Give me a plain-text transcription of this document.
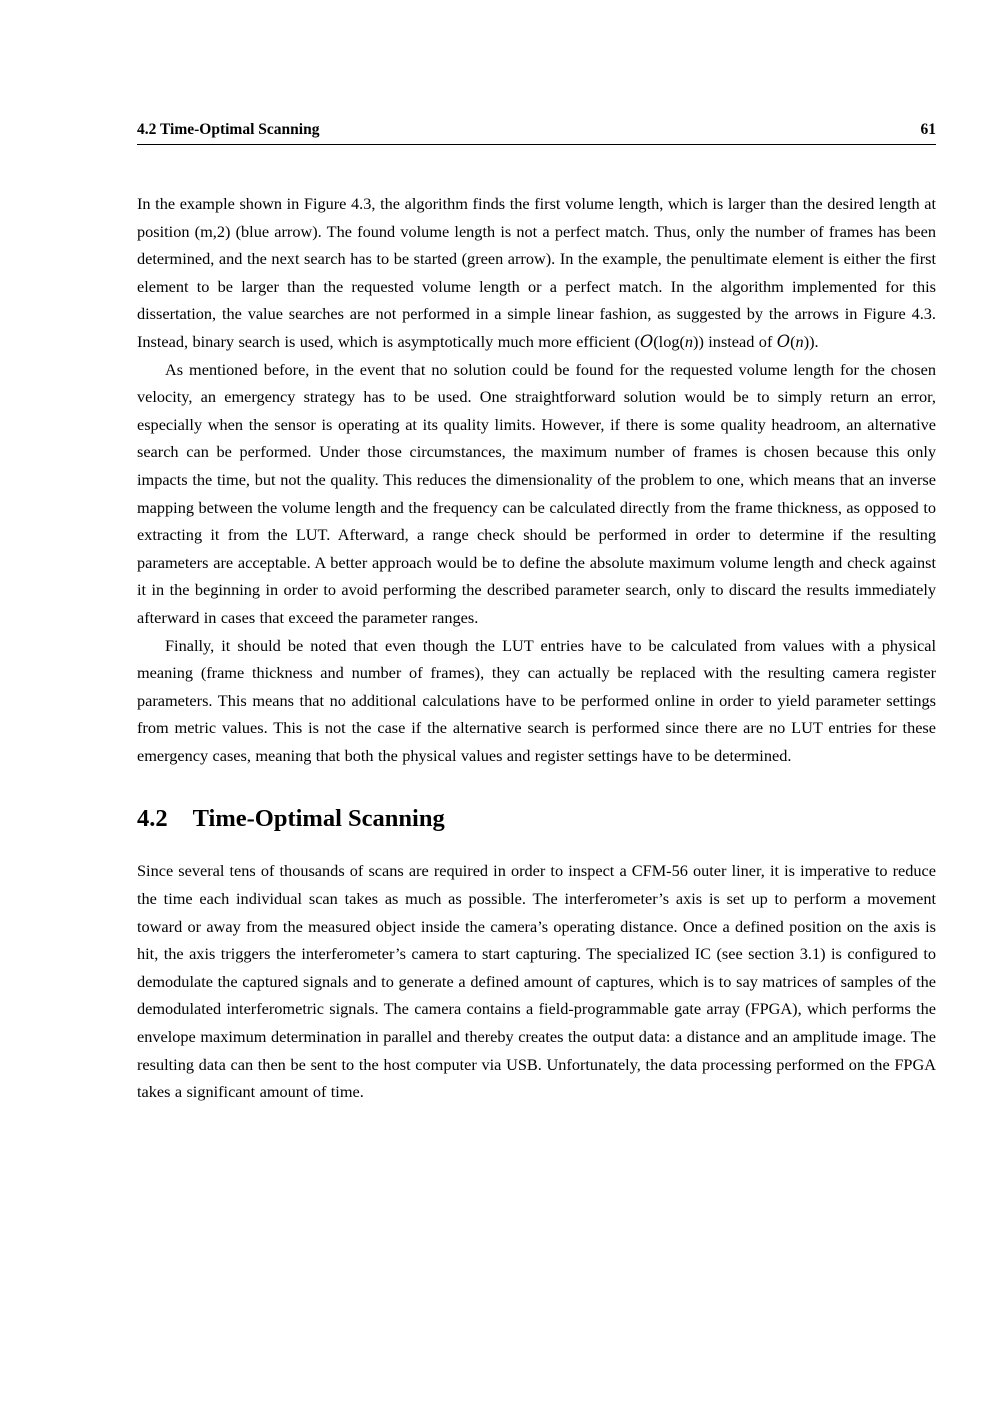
4.2 Time-Optimal Scanning	61

In the example shown in Figure 4.3, the algorithm finds the first volume length, which is larger than the desired length at position (m,2) (blue arrow). The found volume length is not a perfect match. Thus, only the number of frames has been determined, and the next search has to be started (green arrow). In the example, the penultimate element is either the first element to be larger than the requested volume length or a perfect match. In the algorithm implemented for this dissertation, the value searches are not performed in a simple linear fashion, as suggested by the arrows in Figure 4.3. Instead, binary search is used, which is asymptotically much more efficient (O(log(n)) instead of O(n)).

As mentioned before, in the event that no solution could be found for the requested volume length for the chosen velocity, an emergency strategy has to be used. One straightforward solution would be to simply return an error, especially when the sensor is operating at its quality limits. However, if there is some quality headroom, an alternative search can be performed. Under those circumstances, the maximum number of frames is chosen because this only impacts the time, but not the quality. This reduces the dimensionality of the problem to one, which means that an inverse mapping between the volume length and the frequency can be calculated directly from the frame thickness, as opposed to extracting it from the LUT. Afterward, a range check should be performed in order to determine if the resulting parameters are acceptable. A better approach would be to define the absolute maximum volume length and check against it in the beginning in order to avoid performing the described parameter search, only to discard the results immediately afterward in cases that exceed the parameter ranges.

Finally, it should be noted that even though the LUT entries have to be calculated from values with a physical meaning (frame thickness and number of frames), they can actually be replaced with the resulting camera register parameters. This means that no additional calculations have to be performed online in order to yield parameter settings from metric values. This is not the case if the alternative search is performed since there are no LUT entries for these emergency cases, meaning that both the physical values and register settings have to be determined.

4.2 Time-Optimal Scanning

Since several tens of thousands of scans are required in order to inspect a CFM-56 outer liner, it is imperative to reduce the time each individual scan takes as much as possible. The interferometer’s axis is set up to perform a movement toward or away from the measured object inside the camera’s operating distance. Once a defined position on the axis is hit, the axis triggers the interferometer’s camera to start capturing. The specialized IC (see section 3.1) is configured to demodulate the captured signals and to generate a defined amount of captures, which is to say matrices of samples of the demodulated interferometric signals. The camera contains a field-programmable gate array (FPGA), which performs the envelope maximum determination in parallel and thereby creates the output data: a distance and an amplitude image. The resulting data can then be sent to the host computer via USB. Unfortunately, the data processing performed on the FPGA takes a significant amount of time.
